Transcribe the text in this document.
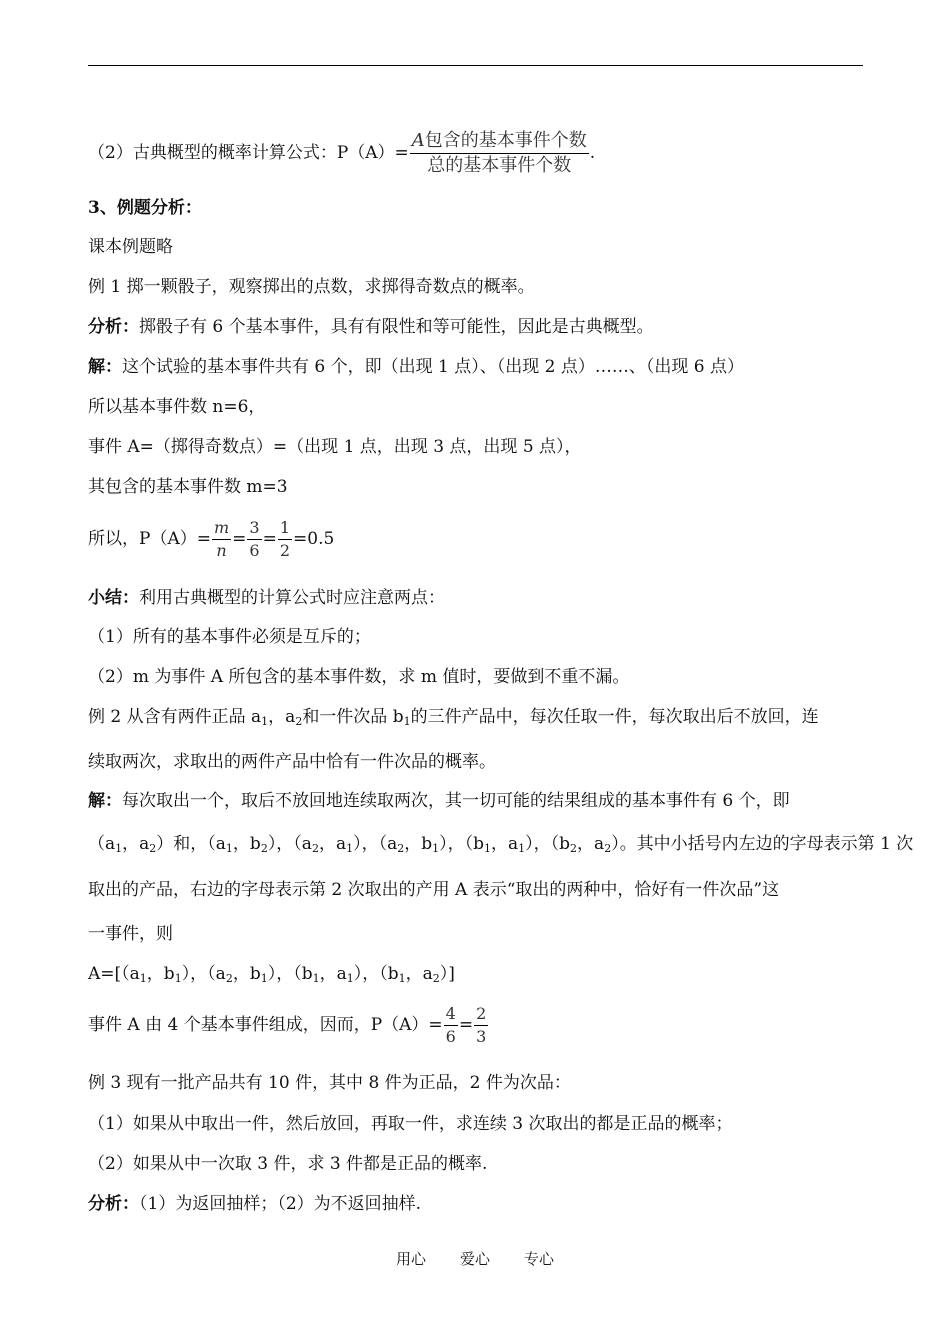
（2）古典概型的概率计算公式：$P(A)= \frac{\text{A包含的基本事件个数}}{\text{总的基本事件个数}}$ .
3、例题分析：
课本例题略
例 1 掷一颗骰子，观察掷出的点数，求掷得奇数点的概率。
分析：掷骰子有 6 个基本事件，具有有限性和等可能性，因此是古典概型。
解：这个试验的基本事件共有 6 个，即（出现 1 点）、（出现 2 点）……、（出现 6 点）
所以基本事件数 n=6，
事件 A=（掷得奇数点）=（出现 1 点，出现 3 点，出现 5 点），
其包含的基本事件数 m=3
所以，$P(A)= \frac{m}{n} = \frac{3}{6} = \frac{1}{2} =0.5$
小结：利用古典概型的计算公式时应注意两点：
（1）所有的基本事件必须是互斥的；
（2）m 为事件 A 所包含的基本事件数，求 m 值时，要做到不重不漏。
例 2 从含有两件正品 $a_1$，$a_2$和一件次品 $b_1$的三件产品中，每次任取一件，每次取出后不放回，连
续取两次，求取出的两件产品中恰有一件次品的概率。
解：每次取出一个，取后不放回地连续取两次，其一切可能的结果组成的基本事件有 6 个，即
（$a_1$，$a_2$）和，（$a_1$，$b_2$），（$a_2$，$a_1$），（$a_2$，$b_1$），（$b_1$，$a_1$），（$b_2$，$a_2$）。其中小括号内左边的字母表示第 1 次
取出的产品，右边的字母表示第 2 次取出的产用 A 表示“取出的两种中，恰好有一件次品”这
一事件，则
$A=[(a_1$，$b_1$），（$a_2$，$b_1$），（$b_1$，$a_1$），（$b_1$，$a_2$）]
事件 A 由 4 个基本事件组成，因而，$P(A)= \frac{4}{6} = \frac{2}{3}$
例 3 现有一批产品共有 10 件，其中 8 件为正品，2 件为次品：
（1）如果从中取出一件，然后放回，再取一件，求连续 3 次取出的都是正品的概率；
（2）如果从中一次取 3 件，求 3 件都是正品的概率.
分析：（1）为返回抽样；（2）为不返回抽样.
用心 爱心 专心
